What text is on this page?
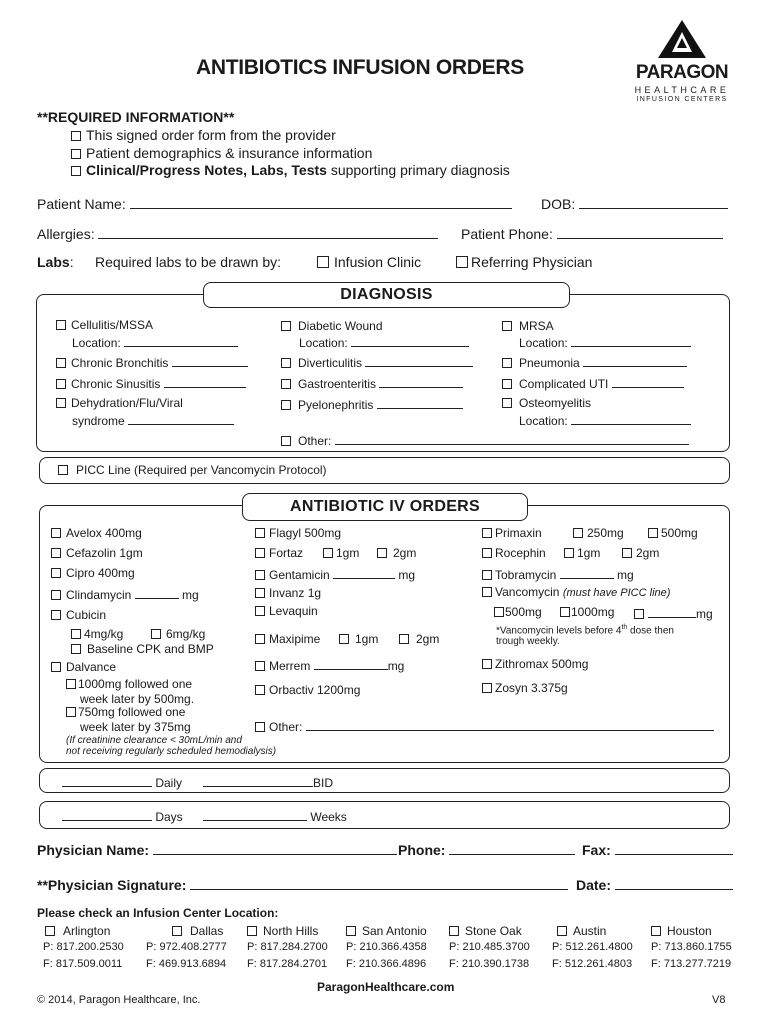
ANTIBIOTICS INFUSION ORDERS	PARAGON
HEALTHCARE
INFUSION CENTERS
**REQUIRED INFORMATION**
This signed order form from the provider
Patient demographics & insurance information
Clinical/Progress Notes, Labs, Tests supporting primary diagnosis
Patient Name:	DOB:
Allergies:	Patient Phone:
Labs: Required labs to be drawn by:	Infusion Clinic	Referring Physician
DIAGNOSIS
Cellulitis/MSSA
Location:
Chronic Bronchitis
Chronic Sinusitis
Dehydration/Flu/Viral
syndrome
Diabetic Wound
Location:
Diverticulitis
Gastroenteritis
Pyelonephritis
Other:
MRSA
Location:
Pneumonia
Complicated UTI
Osteomyelitis
Location:
PICC Line (Required per Vancomycin Protocol)
ANTIBIOTIC IV ORDERS
Avelox 400mg
Cefazolin 1gm
Cipro 400mg
Clindamycin	mg
Cubicin
4mg/kg	6mg/kg
Baseline CPK and BMP
Dalvance
1000mg followed one
week later by 500mg.
750mg followed one
week later by 375mg
(If creatinine clearance < 30mL/min and
not receiving regularly scheduled hemodialysis)
Flagyl 500mg
Fortaz	1gm	2gm
Gentamicin	mg
Invanz 1g
Levaquin
Maxipime	1gm	2gm
Merrem	mg
Orbactiv 1200mg
Other:
Primaxin	250mg	500mg
Rocephin	1gm	2gm
Tobramycin	mg
Vancomycin (must have PICC line)
500mg	1000mg	mg
*Vancomycin levels before 4th dose then
trough weekly.
Zithromax 500mg
Zosyn 3.375g
Daily	BID
Days	Weeks
Physician Name:	Phone:	Fax:
**Physician Signature:	Date:
Please check an Infusion Center Location:
Arlington
P: 817.200.2530
F: 817.509.0011
Dallas
P: 972.408.2777
F: 469.913.6894
North Hills
P: 817.284.2700
F: 817.284.2701
San Antonio
P: 210.366.4358
F: 210.366.4896
Stone Oak
P: 210.485.3700
F: 210.390.1738
Austin
P: 512.261.4800
F: 512.261.4803
Houston
P: 713.860.1755
F: 713.277.7219
ParagonHealthcare.com
© 2014, Paragon Healthcare, Inc.	V8
